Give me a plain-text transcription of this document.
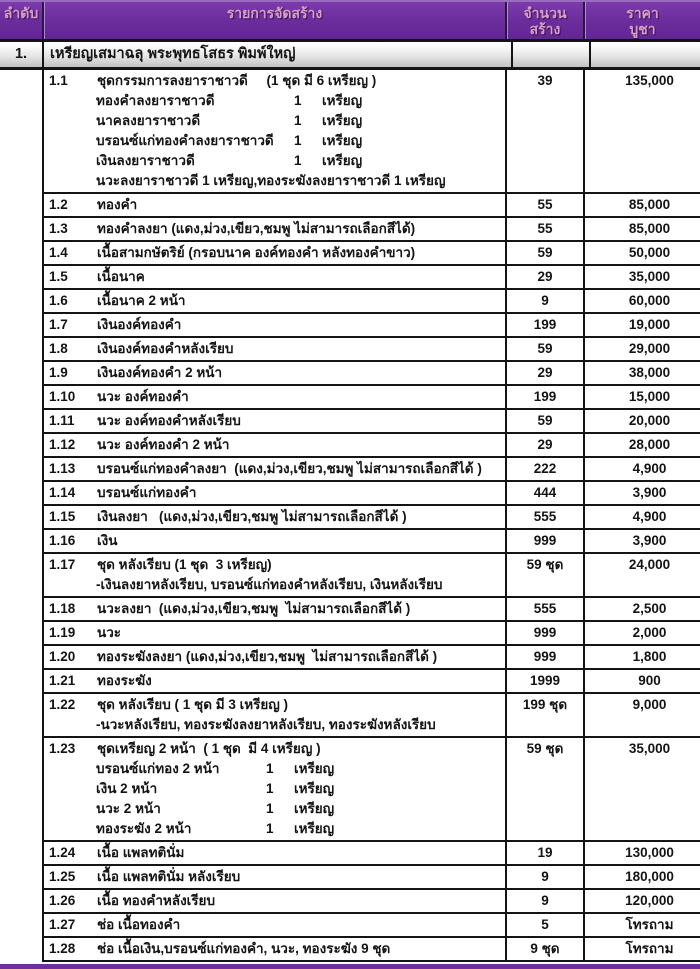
ลำดับ	รายการจัดสร้าง	จำนวน
สร้าง
ราคา
บูชา
1.	เหรียญเสมาฉลุ พระพุทธโสธร พิมพ์ใหญ่
1.1	ชุดกรรมการลงยาราชาวดี     (1 ชุด มี 6 เหรียญ )
ทองคำลงยาราชาวดี	1	เหรียญ
นาคลงยาราชาวดี	1	เหรียญ
บรอนซ์แก่ทองคำลงยาราชาวดี	1	เหรียญ
เงินลงยาราชาวดี	1	เหรียญ
นวะลงยาราชาวดี 1 เหรียญ,ทองระฆังลงยาราชาวดี 1 เหรียญ
39	135,000
1.2	ทองคำ	55	85,000
1.3	ทองคำลงยา (แดง,ม่วง,เขียว,ชมพู ไม่สามารถเลือกสีได้)	55	85,000
1.4	เนื้อสามกษัตริย์ (กรอบนาค องค์ทองคำ หลังทองคำขาว)	59	50,000
1.5	เนื้อนาค	29	35,000
1.6	เนื้อนาค 2 หน้า	9	60,000
1.7	เงินองค์ทองคำ	199	19,000
1.8	เงินองค์ทองคำหลังเรียบ	59	29,000
1.9	เงินองค์ทองคำ 2 หน้า	29	38,000
1.10	นวะ องค์ทองคำ	199	15,000
1.11	นวะ องค์ทองคำหลังเรียบ	59	20,000
1.12	นวะ องค์ทองคำ 2 หน้า	29	28,000
1.13	บรอนซ์แก่ทองคำลงยา  (แดง,ม่วง,เขียว,ชมพู ไม่สามารถเลือกสีได้ )	222	4,900
1.14	บรอนซ์แก่ทองคำ	444	3,900
1.15	เงินลงยา   (แดง,ม่วง,เขียว,ชมพู ไม่สามารถเลือกสีได้ )	555	4,900
1.16	เงิน	999	3,900
1.17	ชุด หลังเรียบ (1 ชุด  3 เหรียญ)
-เงินลงยาหลังเรียบ, บรอนซ์แก่ทองคำหลังเรียบ, เงินหลังเรียบ
59 ชุด	24,000
1.18	นวะลงยา  (แดง,ม่วง,เขียว,ชมพู  ไม่สามารถเลือกสีได้ )	555	2,500
1.19	นวะ	999	2,000
1.20	ทองระฆังลงยา (แดง,ม่วง,เขียว,ชมพู  ไม่สามารถเลือกสีได้ )	999	1,800
1.21	ทองระฆัง	1999	900
1.22	ชุด หลังเรียบ ( 1 ชุด มี 3 เหรียญ )
-นวะหลังเรียบ, ทองระฆังลงยาหลังเรียบ, ทองระฆังหลังเรียบ
199 ชุด	9,000
1.23	ชุดเหรียญ 2 หน้า  ( 1 ชุด  มี 4 เหรียญ )
บรอนซ์แก่ทอง 2 หน้า	1	เหรียญ
เงิน 2 หน้า	1	เหรียญ
นวะ 2 หน้า	1	เหรียญ
ทองระฆัง 2 หน้า	1	เหรียญ
59 ชุด	35,000
1.24	เนื้อ แพลทตินั่ม	19	130,000
1.25	เนื้อ แพลทตินั่ม หลังเรียบ	9	180,000
1.26	เนื้อ ทองคำหลังเรียบ	9	120,000
1.27	ช่อ เนื้อทองคำ	5	โทรถาม
1.28	ช่อ เนื้อเงิน,บรอนซ์แก่ทองคำ, นวะ, ทองระฆัง 9 ชุด	9 ชุด	โทรถาม
